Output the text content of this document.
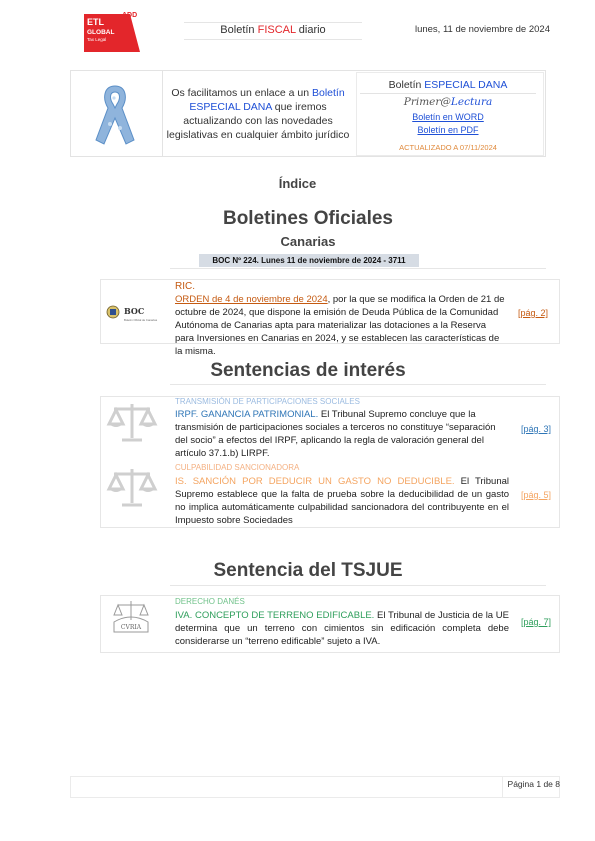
ETL
GLOBAL
Tax Legal
ADD
Boletín FISCAL diario	lunes, 11 de noviembre de 2024
Os facilitamos un enlace a un Boletín ESPECIAL DANA que iremos actualizando con las novedades legislativas en cualquier ámbito jurídico
Boletín ESPECIAL DANA
Primer@Lectura
Boletín en WORD
Boletín en PDF
ACTUALIZADO A 07/11/2024
Índice
Boletines Oficiales
Canarias
BOC Nº 224. Lunes 11 de noviembre de 2024 - 3711
BOC
Boletín Oficial de Canarias
RIC.
ORDEN de 4 de noviembre de 2024, por la que se modifica la Orden de 21 de octubre de 2024, que dispone la emisión de Deuda Pública de la Comunidad Autónoma de Canarias apta para materializar las dotaciones a la Reserva para Inversiones en Canarias en 2024, y se establecen las características de la misma.
[pág. 2]
Sentencias de interés
TRANSMISIÓN DE PARTICIPACIONES SOCIALES
IRPF. GANANCIA PATRIMONIAL. El Tribunal Supremo concluye que la transmisión de participaciones sociales a terceros no constituye “separación del socio” a efectos del IRPF, aplicando la regla de valoración general del artículo 37.1.b) LIRPF.
[pág. 3]
CULPABILIDAD SANCIONADORA
IS. SANCIÓN POR DEDUCIR UN GASTO NO DEDUCIBLE. El Tribunal Supremo establece que la falta de prueba sobre la deducibilidad de un gasto no implica automáticamente culpabilidad sancionadora del contribuyente en el Impuesto sobre Sociedades
[pág. 5]
Sentencia del TSJUE
CVRIA
DERECHO DANÉS
IVA. CONCEPTO DE TERRENO EDIFICABLE. El Tribunal de Justicia de la UE determina que un terreno con cimientos sin edificación completa debe considerarse un “terreno edificable” sujeto a IVA.
[pág. 7]
Página 1 de 8
